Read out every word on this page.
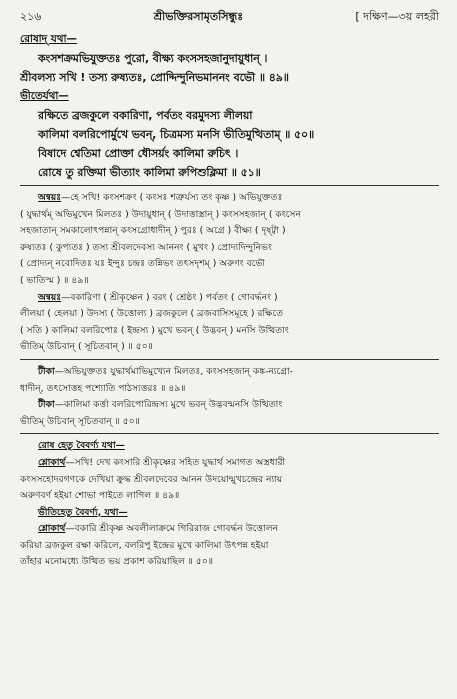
২১৬	শ্রীভক্তিরসামৃতসিন্ধুঃ	[ দক্ষিণ—৩য় লহরী
রোষাদ্ যথা—
কংসশক্রমভিযুক্ততঃ পুরো, বীক্ষ্য কংসসহজানুদায়ুধান্ ।
শ্রীবলস্য সখি ! তস্য রুষ্যতঃ, প্রোদ্দিন্দুনিভমাননং বভৌ ॥ ৪৯॥
ভীতের্যথা—
রক্ষিতে ব্রজকুলে বকারিণা, পর্বতং বরমুদস্য লীলয়া
কালিমা বলরিপোর্মুখে ভবন্, চিত্রমস্য মনসি ভীতিমুত্থিতাম্ ॥ ৫০॥
বিষাদে শ্বেতিমা প্রোক্তা ধৌসর্য়ং কালিমা রুচিৎ ।
রোষে তু রক্তিমা ভীত্যাং কালিমা রুপিশুক্লিমা ॥ ৫১॥
অন্বয়ঃ—হে সখি! কংসশক্রং ( কংসঃ শত্রুর্যস্য তং কৃষ্ণ ) অভিযুক্ততঃ
( যুদ্ধার্থম্ অভিমুখেন মিলতঃ ) উদায়ুধান্ ( উদাত্তাস্ত্রান্ ) কংসসহজান্ ( কংসেন
সহজাতান্ সমকালোৎপন্নান্ কংসগ্রোধাদীন্ ) পুরঃ ( অগ্রে ) বীক্ষ্য ( দৃষ্ট্বা )
রুষ্যতঃ ( কুপ্যতঃ ) তস্য শ্রীবলদেবস্য আননং ( মুখং ) প্রোদ্যদিন্দুনিভং
( প্রোদ্যন্ নবোদিতঃ যঃ ইন্দুঃ চন্দ্রঃ তন্নিভং তৎসদৃশম্ ) অরুণং বভৌ
( ভাতিস্ম ) ॥ ৪৯॥
অন্বয়ঃ—বকারিণা ( শ্রীকৃষ্ণেন ) বরং ( শ্রেষ্ঠং ) পর্বতং ( গোবর্দ্ধনং )
লীলয়া ( হেলয়া ) উদস্য ( উত্তোল্য ) ব্রজকুলে ( ব্রজবাসিসমূহে ) রক্ষিতে
( সতি ) কালিমা বলরিপোঃ ( ইন্দ্রস্য ) মুখে ভবন্ ( উদ্ভবন্ ) মনসি উত্থিতাং
ভীতিম্ উচিবান্ ( সূচিতবান্ ) ॥ ৫০॥
টীকা—অভিযুক্ততঃ যুদ্ধার্থমাভিমুখ্যেন মিলতঃ, কংসসহজান্ কঙ্ক-ন্যগ্রো-
ধাদীন্, তৎসোত্তহ পশ্যোতি পাঠস্যত্তরঃ ॥ ৪৯॥
টীকা—কালিমা কর্ত্তা বলরিপোরিন্দ্রস্য মুখে ভবন্ উদ্ভবন্মনসি উত্থিতাং
ভীতিম্ উচিবান্ সূচিতবান্ ॥ ৫০॥
রোষ হেতু বৈবর্ণ্য যথা—
শ্লোকার্থ—সখি! দেখ কংসারি শ্রীকৃষ্ণের সহিত যুদ্ধার্থ সমাগত অস্ত্রধারী
কংসসহোদরগণকে দেখিয়া ক্রুদ্ধ শ্রীবলদেবের আনন উদয়োন্মুখচন্দ্রের ন্যায়
অরুণবর্ণ হইয়া শোভা পাইতে লাগিল ॥ ৪৯॥
ভীতিহেতু বৈবর্ণ্য, যথা—
শ্লোকার্থ—বকারি শ্রীকৃষ্ণ অবলীলাক্রমে গিরিরাজ গোবর্দ্ধন উত্তোলন
করিয়া ব্রজকুল রক্ষা করিলে, বলরিপু ইন্দ্রের মুখে কালিমা উৎপন্ন হইয়া
তাঁহার মনোমধ্যে উত্থিত ভয় প্রকাশ করিয়াছিল ॥ ৫০॥
